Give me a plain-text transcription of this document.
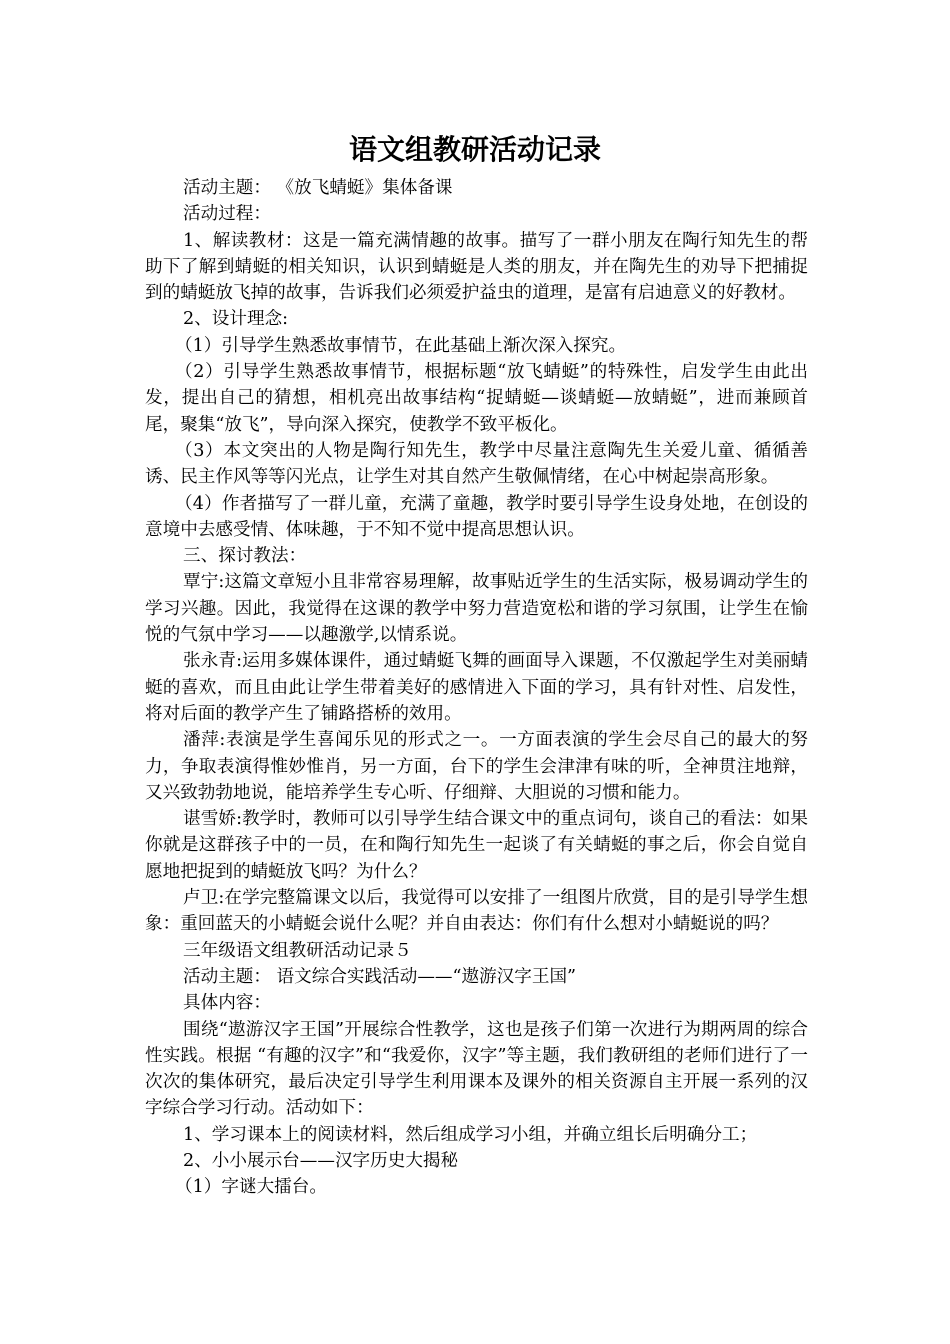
语文组教研活动记录

活动主题： 《放飞蜻蜓》集体备课

活动过程：

1、解读教材：这是一篇充满情趣的故事。描写了一群小朋友在陶行知先生的帮助下了解到蜻蜓的相关知识，认识到蜻蜓是人类的朋友，并在陶先生的劝导下把捕捉到的蜻蜓放飞掉的故事，告诉我们必须爱护益虫的道理，是富有启迪意义的好教材。

2、设计理念:

（1）引导学生熟悉故事情节，在此基础上渐次深入探究。

（2）引导学生熟悉故事情节，根据标题“放飞蜻蜓”的特殊性，启发学生由此出发，提出自己的猜想，相机亮出故事结构“捉蜻蜓—谈蜻蜓—放蜻蜓”，进而兼顾首尾，聚集“放飞”，导向深入探究，使教学不致平板化。

（3）本文突出的人物是陶行知先生，教学中尽量注意陶先生关爱儿童、循循善诱、民主作风等等闪光点，让学生对其自然产生敬佩情绪，在心中树起崇高形象。

（4）作者描写了一群儿童，充满了童趣，教学时要引导学生设身处地，在创设的意境中去感受情、体味趣，于不知不觉中提高思想认识。

三、探讨教法：

覃宁:这篇文章短小且非常容易理解，故事贴近学生的生活实际，极易调动学生的学习兴趣。因此，我觉得在这课的教学中努力营造宽松和谐的学习氛围，让学生在愉悦的气氛中学习——以趣激学,以情系说。

张永青:运用多媒体课件，通过蜻蜓飞舞的画面导入课题，不仅激起学生对美丽蜻蜓的喜欢，而且由此让学生带着美好的感情进入下面的学习，具有针对性、启发性，将对后面的教学产生了铺路搭桥的效用。

潘萍:表演是学生喜闻乐见的形式之一。一方面表演的学生会尽自己的最大的努力，争取表演得惟妙惟肖，另一方面，台下的学生会津津有味的听，全神贯注地辩，又兴致勃勃地说，能培养学生专心听、仔细辩、大胆说的习惯和能力。

谌雪娇:教学时，教师可以引导学生结合课文中的重点词句，谈自己的看法：如果你就是这群孩子中的一员，在和陶行知先生一起谈了有关蜻蜓的事之后，你会自觉自愿地把捉到的蜻蜓放飞吗？为什么？

卢卫:在学完整篇课文以后，我觉得可以安排了一组图片欣赏，目的是引导学生想象：重回蓝天的小蜻蜓会说什么呢？并自由表达：你们有什么想对小蜻蜓说的吗？

三年级语文组教研活动记录５

活动主题： 语文综合实践活动——“遨游汉字王国”

具体内容：

围绕“遨游汉字王国”开展综合性教学，这也是孩子们第一次进行为期两周的综合性实践。根据 “有趣的汉字”和“我爱你，汉字”等主题，我们教研组的老师们进行了一次次的集体研究，最后决定引导学生利用课本及课外的相关资源自主开展一系列的汉字综合学习行动。活动如下：

1、学习课本上的阅读材料，然后组成学习小组，并确立组长后明确分工；

2、小小展示台——汉字历史大揭秘

（1）字谜大擂台。
